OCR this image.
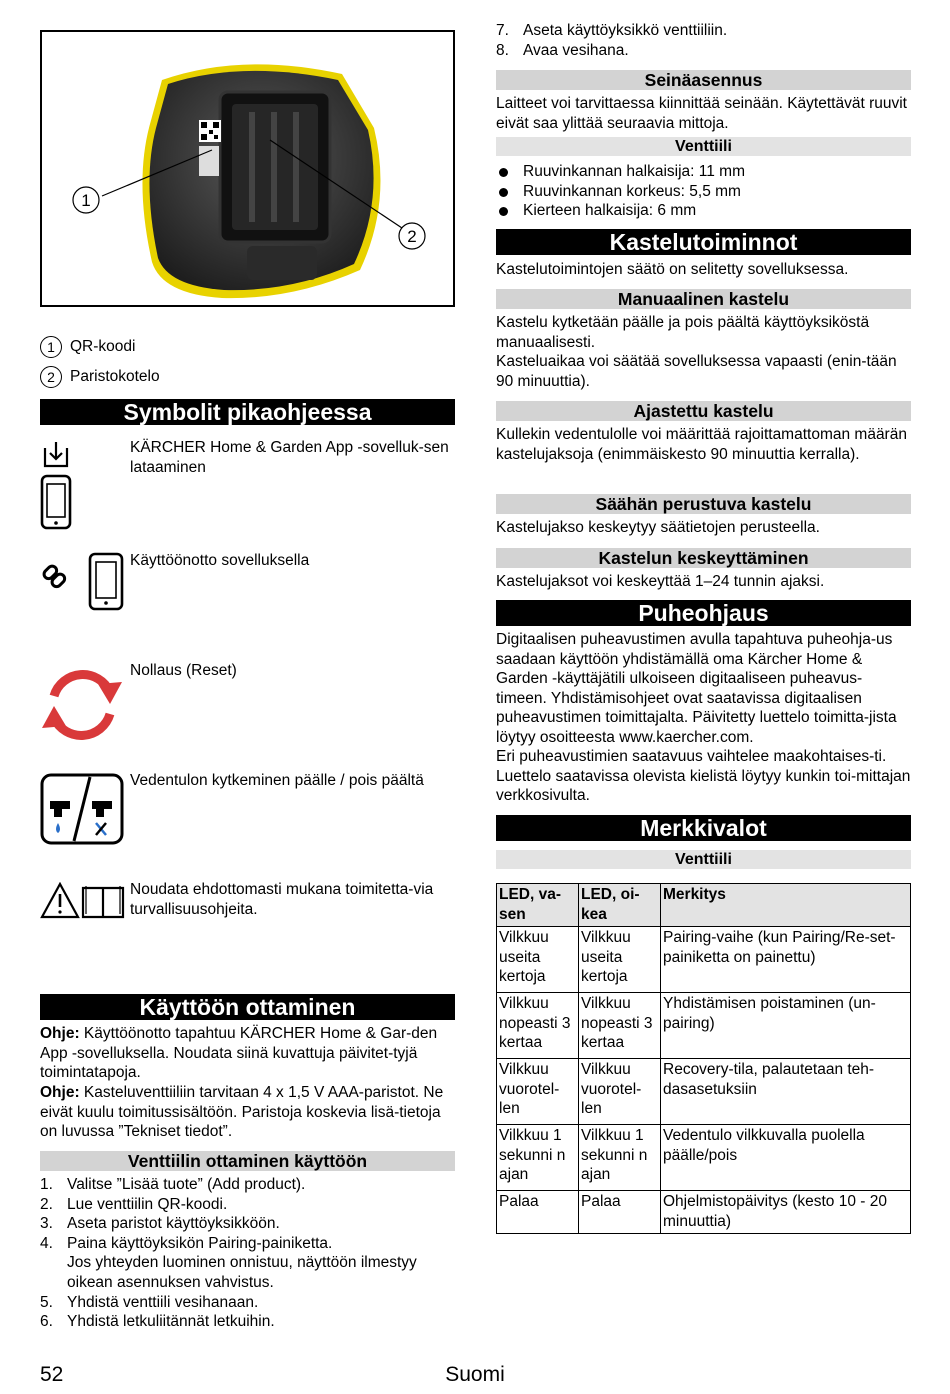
1
2
1 QR-koodi
2 Paristokotelo
Symbolit pikaohjeessa

KÄRCHER Home & Garden App -sovelluk-sen lataaminen

Käyttöönotto sovelluksella

Nollaus (Reset)

Vedentulon kytkeminen päälle / pois päältä

Noudata ehdottomasti mukana toimitetta-via turvallisuusohjeita.

Käyttöön ottaminen

Ohje: Käyttöönotto tapahtuu KÄRCHER Home & Gar-den App -sovelluksella. Noudata siinä kuvattuja päivitet-tyjä toimintatapoja.

Ohje: Kasteluventtiiliin tarvitaan 4 x 1,5 V AAA-paristot. Ne eivät kuulu toimitussisältöön. Paristoja koskevia lisä-tietoja on luvussa ”Tekniset tiedot”.

Venttiilin ottaminen käyttöön
1. Valitse ”Lisää tuote” (Add product).
2. Lue venttiilin QR-koodi.
3. Aseta paristot käyttöyksikköön.
4. Paina käyttöyksikön Pairing-painiketta.
Jos yhteyden luominen onnistuu, näyttöön ilmestyy oikean asennuksen vahvistus.
5. Yhdistä venttiili vesihanaan.
6. Yhdistä letkuliitännät letkuihin.
7. Aseta käyttöyksikkö venttiiliin.
8. Avaa vesihana.
Seinäasennus

Laitteet voi tarvittaessa kiinnittää seinään. Käytettävät ruuvit eivät saa ylittää seuraavia mittoja.

Venttiili
Ruuvinkannan halkaisija: 11 mm
Ruuvinkannan korkeus: 5,5 mm
Kierteen halkaisija: 6 mm
Kastelutoiminnot

Kastelutoimintojen säätö on selitetty sovelluksessa.

Manuaalinen kastelu

Kastelu kytketään päälle ja pois päältä käyttöyksiköstä manuaalisesti.

Kasteluaikaa voi säätää sovelluksessa vapaasti (enin-tään 90 minuuttia).

Ajastettu kastelu

Kullekin vedentulolle voi määrittää rajoittamattoman määrän kastelujaksoja (enimmäiskesto 90 minuuttia kerralla).

Säähän perustuva kastelu

Kastelujakso keskeytyy säätietojen perusteella.

Kastelun keskeyttäminen

Kastelujaksot voi keskeyttää 1–24 tunnin ajaksi.

Puheohjaus

Digitaalisen puheavustimen avulla tapahtuva puheohja-us saadaan käyttöön yhdistämällä oma Kärcher Home & Garden -käyttäjätili ulkoiseen digitaaliseen puheavus-timeen. Yhdistämisohjeet ovat saatavissa digitaalisen puheavustimen toimittajalta. Päivitetty luettelo toimitta-jista löytyy osoitteesta www.kaercher.com.

Eri puheavustimien saatavuus vaihtelee maakohtaises-ti. Luettelo saatavissa olevista kielistä löytyy kunkin toi-mittajan verkkosivulta.

Merkkivalot
Venttiili
LED, va-sen	LED, oi-kea	Merkitys
Vilkkuu useita kertoja	Vilkkuu useita kertoja	Pairing-vaihe (kun Pairing/Re-set-painiketta on painettu)
Vilkkuu nopeasti 3 kertaa	Vilkkuu nopeasti 3 kertaa	Yhdistämisen poistaminen (un-pairing)
Vilkkuu vuorotel-len	Vilkkuu vuorotel-len	Recovery-tila, palautetaan teh-dasasetuksiin
Vilkkuu 1 sekunni n ajan	Vilkkuu 1 sekunni n ajan	Vedentulo vilkkuvalla puolella päälle/pois
Palaa	Palaa	Ohjelmistopäivitys (kesto 10 - 20 minuuttia)
52	Suomi
